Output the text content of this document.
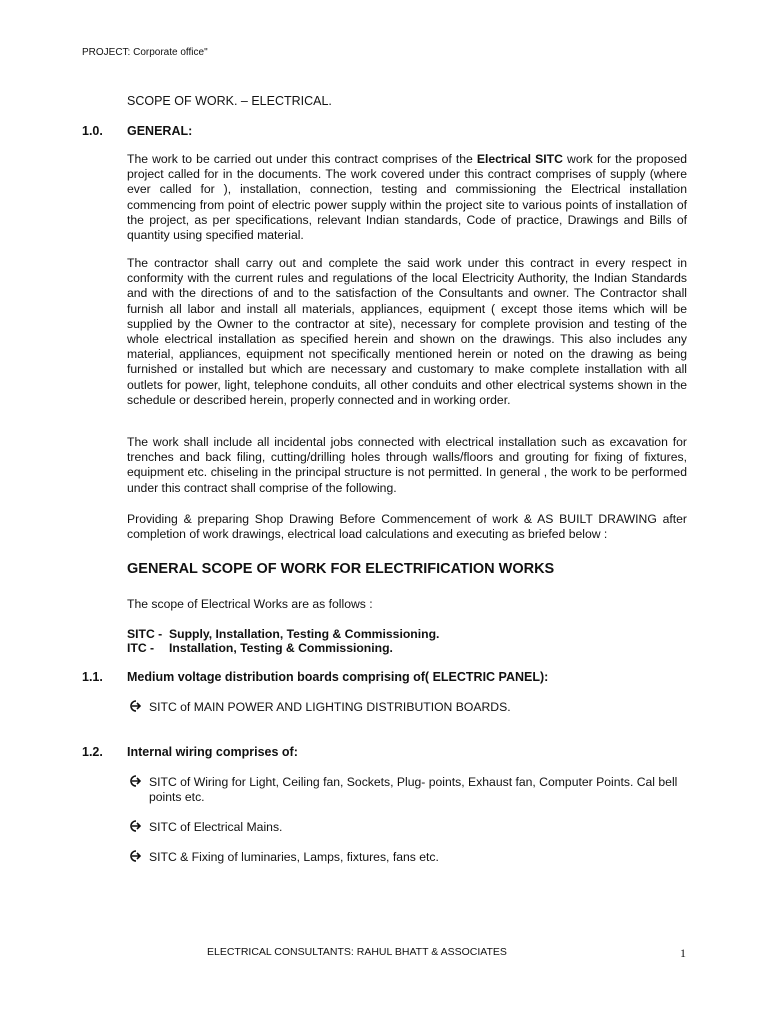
PROJECT: Corporate office"
SCOPE OF WORK. – ELECTRICAL.
1.0. GENERAL:

The work to be carried out under this contract comprises of the Electrical SITC work for the proposed project called for in the documents. The work covered under this contract comprises of supply (where ever called for ), installation, connection, testing and commissioning the Electrical installation commencing from point of electric power supply within the project site to various points of installation of the project, as per specifications, relevant Indian standards, Code of practice, Drawings and Bills of quantity using specified material.

The contractor shall carry out and complete the said work under this contract in every respect in conformity with the current rules and regulations of the local Electricity Authority, the Indian Standards and with the directions of and to the satisfaction of the Consultants and owner. The Contractor shall furnish all labor and install all materials, appliances, equipment ( except those items which will be supplied by the Owner to the contractor at site), necessary for complete provision and testing of the whole electrical installation as specified herein and shown on the drawings. This also includes any material, appliances, equipment not specifically mentioned herein or noted on the drawing as being furnished or installed but which are necessary and customary to make complete installation with all outlets for power, light, telephone conduits, all other conduits and other electrical systems shown in the schedule or described herein, properly connected and in working order.

The work shall include all incidental jobs connected with electrical installation such as excavation for trenches and back filing, cutting/drilling holes through walls/floors and grouting for fixing of fixtures, equipment etc. chiseling in the principal structure is not permitted. In general , the work to be performed under this contract shall comprise of the following.

Providing & preparing Shop Drawing Before Commencement of work & AS BUILT DRAWING after completion of work drawings, electrical load calculations and executing as briefed below :

GENERAL SCOPE OF WORK FOR ELECTRIFICATION WORKS
The scope of Electrical Works are as follows :
SITC - Supply, Installation, Testing & Commissioning.
ITC - Installation, Testing & Commissioning.
1.1. Medium voltage distribution boards comprising of( ELECTRIC PANEL):
SITC of MAIN POWER AND LIGHTING DISTRIBUTION BOARDS.
1.2. Internal wiring comprises of:
SITC of Wiring for Light, Ceiling fan, Sockets, Plug- points, Exhaust fan, Computer Points. Cal bell points etc.
SITC of Electrical Mains.
SITC & Fixing of luminaries, Lamps, fixtures, fans etc.
ELECTRICAL CONSULTANTS: RAHUL BHATT & ASSOCIATES	1
